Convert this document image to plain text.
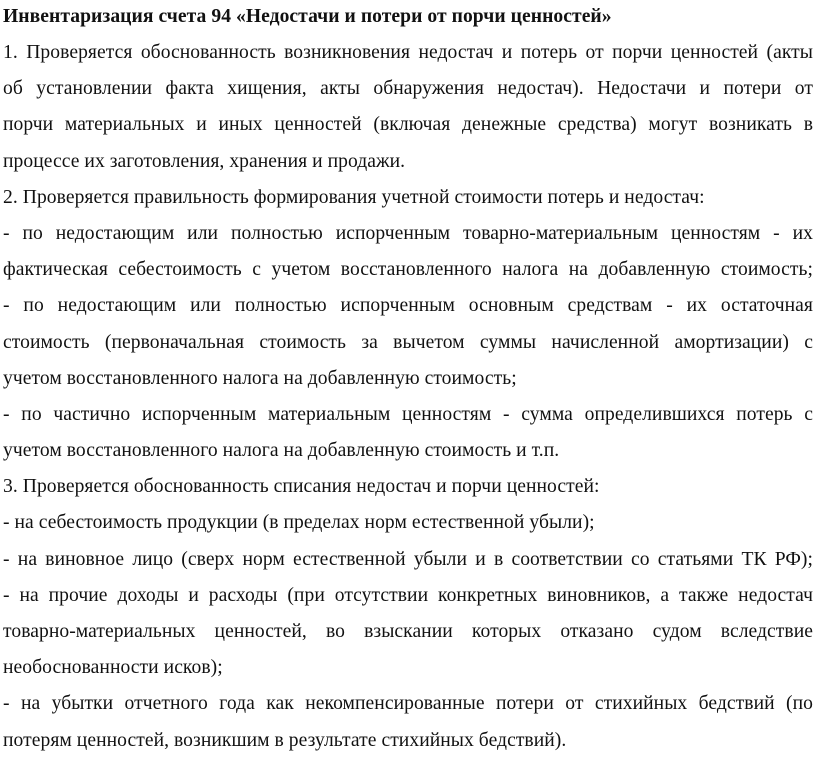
Инвентаризация счета 94 «Недостачи и потери от порчи ценностей»
1. Проверяется обоснованность возникновения недостач и потерь от порчи ценностей (акты
об установлении факта хищения, акты обнаружения недостач). Недостачи и потери от
порчи материальных и иных ценностей (включая денежные средства) могут возникать в
процессе их заготовления, хранения и продажи.
2. Проверяется правильность формирования учетной стоимости потерь и недостач:
- по недостающим или полностью испорченным товарно-материальным ценностям - их
фактическая себестоимость с учетом восстановленного налога на добавленную стоимость;
- по недостающим или полностью испорченным основным средствам - их остаточная
стоимость (первоначальная стоимость за вычетом суммы начисленной амортизации) с
учетом восстановленного налога на добавленную стоимость;
- по частично испорченным материальным ценностям - сумма определившихся потерь с
учетом восстановленного налога на добавленную стоимость и т.п.
3. Проверяется обоснованность списания недостач и порчи ценностей:
- на себестоимость продукции (в пределах норм естественной убыли);
- на виновное лицо (сверх норм естественной убыли и в соответствии со статьями ТК РФ);
- на прочие доходы и расходы (при отсутствии конкретных виновников, а также недостач
товарно-материальных ценностей, во взыскании которых отказано судом вследствие
необоснованности исков);
- на убытки отчетного года как некомпенсированные потери от стихийных бедствий (по
потерям ценностей, возникшим в результате стихийных бедствий).
